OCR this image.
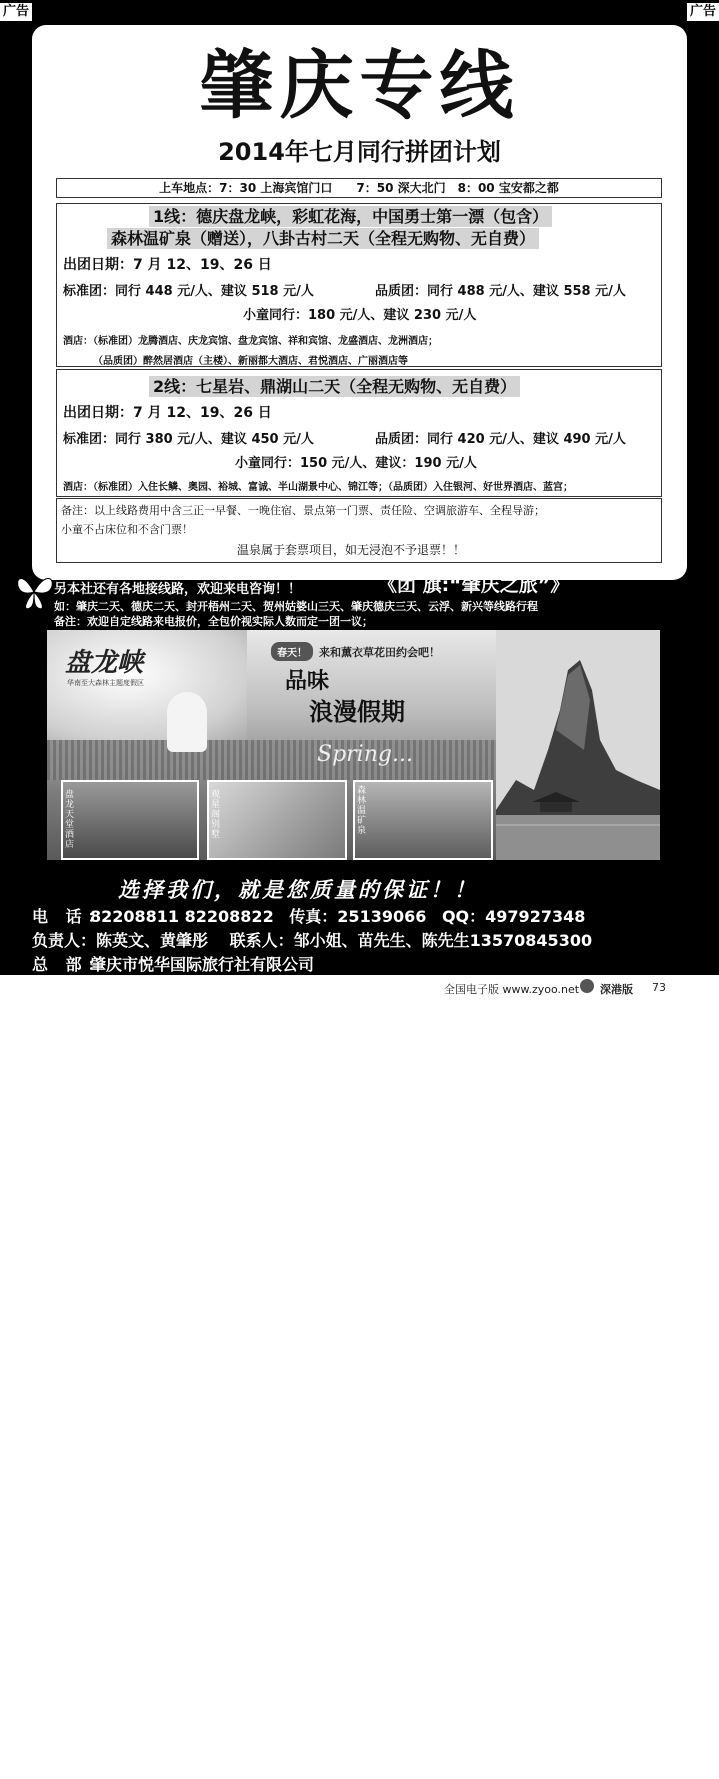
广告	广告
肇庆专线
2014年七月同行拼团计划
上车地点：7：30 上海宾馆门口　　7：50 深大北门　8：00 宝安都之都
1线：德庆盘龙峡，彩虹花海，中国勇士第一漂（包含）
森林温矿泉（赠送），八卦古村二天（全程无购物、无自费）
出团日期：7 月 12、19、26 日
标准团：同行 448 元/人、建议 518 元/人	品质团：同行 488 元/人、建议 558 元/人
小童同行：180 元/人、建议 230 元/人
酒店：（标准团）龙腾酒店、庆龙宾馆、盘龙宾馆、祥和宾馆、龙盛酒店、龙洲酒店；
（品质团）醉然居酒店（主楼）、新丽都大酒店、君悦酒店、广丽酒店等
2线：七星岩、鼎湖山二天（全程无购物、无自费）
出团日期：7 月 12、19、26 日
标准团：同行 380 元/人、建议 450 元/人	品质团：同行 420 元/人、建议 490 元/人
小童同行：150 元/人、建议：190 元/人
酒店：（标准团）入住长鳞、奥园、裕城、富诚、半山湖景中心、锦江等；（品质团）入住银河、好世界酒店、蓝宫；
备注：以上线路费用中含三正一早餐、一晚住宿、景点第一门票、责任险、空调旅游车、全程导游；
小童不占床位和不含门票！
温泉属于套票项目，如无浸泡不予退票！！
另本社还有各地接线路，欢迎来电咨询！！	《团 旗:“肇庆之旅”》
如：肇庆二天、德庆二天、封开梧州二天、贺州姑婆山三天、肇庆德庆三天、云浮、新兴等线路行程
备注：欢迎自定线路来电报价，全包价视实际人数而定一团一议；
盘龙峡
华南至大森林主题度假区
春天！	来和薰衣草花田约会吧！
品味
浪漫假期
Spring...
盘龙天堂酒店
观星阁别墅
森林温矿泉
选择我们，就是您质量的保证！！
电 话：82208811 82208822 传真：25139066 QQ：497927348
负责人：陈英文、黄肇彤 联系人：邹小姐、苗先生、陈先生13570845300
总 部：肇庆市悦华国际旅行社有限公司
本广告由广告客户提供
全国电子版 www.zyoo.net 深港版 73
